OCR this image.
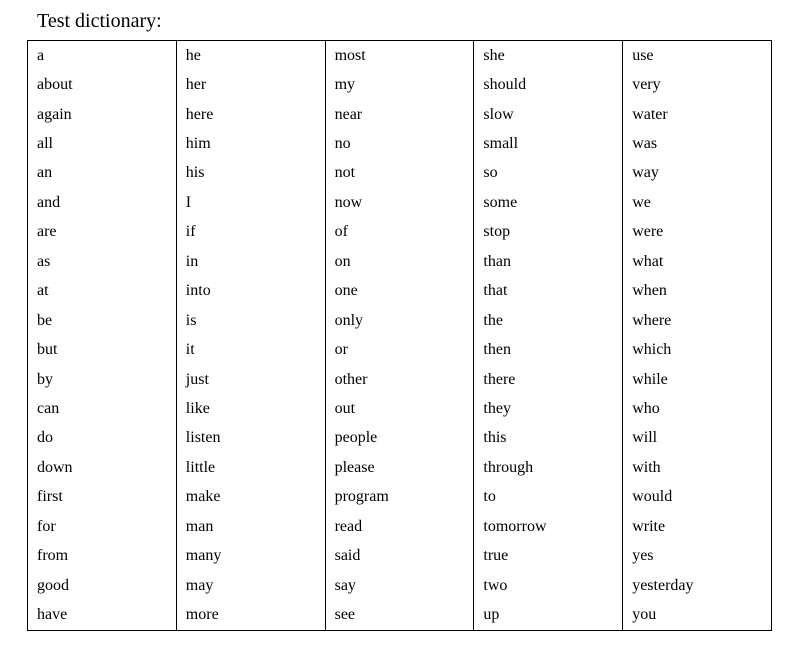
Test dictionary:
a	he	most	she	use
about	her	my	should	very
again	here	near	slow	water
all	him	no	small	was
an	his	not	so	way
and	I	now	some	we
are	if	of	stop	were
as	in	on	than	what
at	into	one	that	when
be	is	only	the	where
but	it	or	then	which
by	just	other	there	while
can	like	out	they	who
do	listen	people	this	will
down	little	please	through	with
first	make	program	to	would
for	man	read	tomorrow	write
from	many	said	true	yes
good	may	say	two	yesterday
have	more	see	up	you
